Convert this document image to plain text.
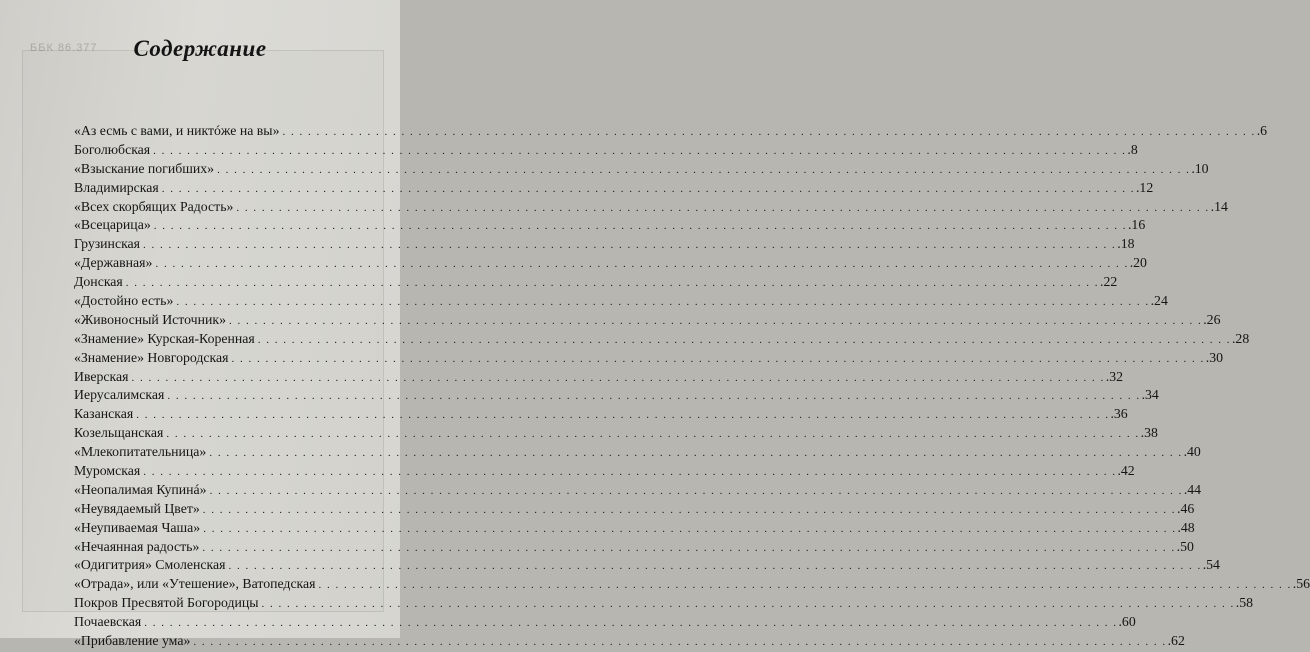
ББК 86.377	Содержание
«Аз есмь с вами, и никтóже на вы» . . .	.6
Боголюбская . . .	.8
«Взыскание погибших» . . .	.10
Владимирская . . .	.12
«Всех скорбящих Радость» . . .	.14
«Всецарица» . . .	.16
Грузинская . . .	.18
«Державная» . . .	.20
Донская . . .	.22
«Достойно есть» . . .	.24
«Живоносный Источник» . . .	.26
«Знамение» Курская-Коренная . . .	.28
«Знамение» Новгородская . . .	.30
Иверская . . .	.32
Иерусалимская . . .	.34
Казанская . . .	.36
Козельщанская . . .	.38
«Млекопитательница» . . .	.40
Муромская . . .	.42
«Неопалимая Купинá» . . .	.44
«Неувядаемый Цвет» . . .	.46
«Неупиваемая Чаша» . . .	.48
«Нечаянная радость» . . .	.50
«Одигитрия» Смоленская . . .	.54
«Отрада», или «Утешение», Ватопедская . . .	.56
Покров Пресвятой Богородицы . . .	.58
Почаевская . . .	.60
«Прибавление ума» . . .	.62
